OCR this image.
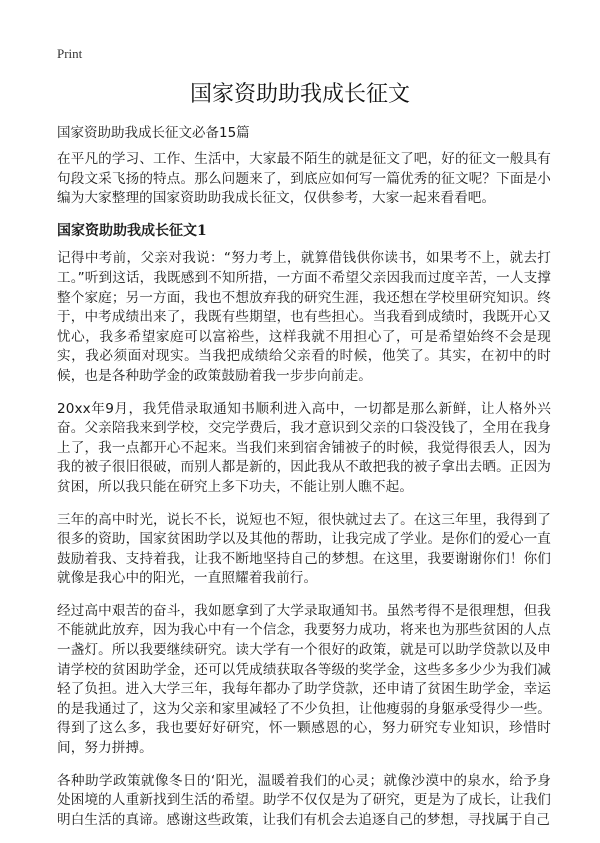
Print
国家资助助我成长征文

国家资助助我成长征文必备15篇

在平凡的学习、工作、生活中，大家最不陌生的就是征文了吧，好的征文一般具有句段文采飞扬的特点。那么问题来了，到底应如何写一篇优秀的征文呢？下面是小编为大家整理的国家资助助我成长征文，仅供参考，大家一起来看看吧。

国家资助助我成长征文1

记得中考前，父亲对我说：“努力考上，就算借钱供你读书，如果考不上，就去打工。”听到这话，我既感到不知所措，一方面不希望父亲因我而过度辛苦，一人支撑整个家庭；另一方面，我也不想放弃我的研究生涯，我还想在学校里研究知识。终于，中考成绩出来了，我既有些期望，也有些担心。当我看到成绩时，我既开心又忧心，我多希望家庭可以富裕些，这样我就不用担心了，可是希望始终不会是现实，我必须面对现实。当我把成绩给父亲看的时候，他笑了。其实，在初中的时候，也是各种助学金的政策鼓励着我一步步向前走。

20xx年9月，我凭借录取通知书顺利进入高中，一切都是那么新鲜，让人格外兴奋。父亲陪我来到学校，交完学费后，我才意识到父亲的口袋没钱了，全用在我身上了，我一点都开心不起来。当我们来到宿舍铺被子的时候，我觉得很丢人，因为我的被子很旧很破，而别人都是新的，因此我从不敢把我的被子拿出去晒。正因为贫困，所以我只能在研究上多下功夫，不能让别人瞧不起。

三年的高中时光，说长不长，说短也不短，很快就过去了。在这三年里，我得到了很多的资助，国家贫困助学以及其他的帮助，让我完成了学业。是你们的爱心一直鼓励着我、支持着我，让我不断地坚持自己的梦想。在这里，我要谢谢你们！你们就像是我心中的阳光，一直照耀着我前行。

经过高中艰苦的奋斗，我如愿拿到了大学录取通知书。虽然考得不是很理想，但我不能就此放弃，因为我心中有一个信念，我要努力成功，将来也为那些贫困的人点一盏灯。所以我要继续研究。读大学有一个很好的政策，就是可以助学贷款以及申请学校的贫困助学金，还可以凭成绩获取各等级的奖学金，这些多多少少为我们减轻了负担。进入大学三年，我每年都办了助学贷款，还申请了贫困生助学金，幸运的是我通过了，这为父亲和家里减轻了不少负担，让他瘦弱的身躯承受得少一些。得到了这么多，我也要好好研究，怀一颗感恩的心，努力研究专业知识，珍惜时间，努力拼搏。

各种助学政策就像冬日的‘阳光，温暖着我们的心灵；就像沙漠中的泉水，给予身处困境的人重新找到生活的希望。助学不仅仅是为了研究，更是为了成长，让我们明白生活的真谛。感谢这些政策，让我们有机会去追逐自己的梦想，寻找属于自己
